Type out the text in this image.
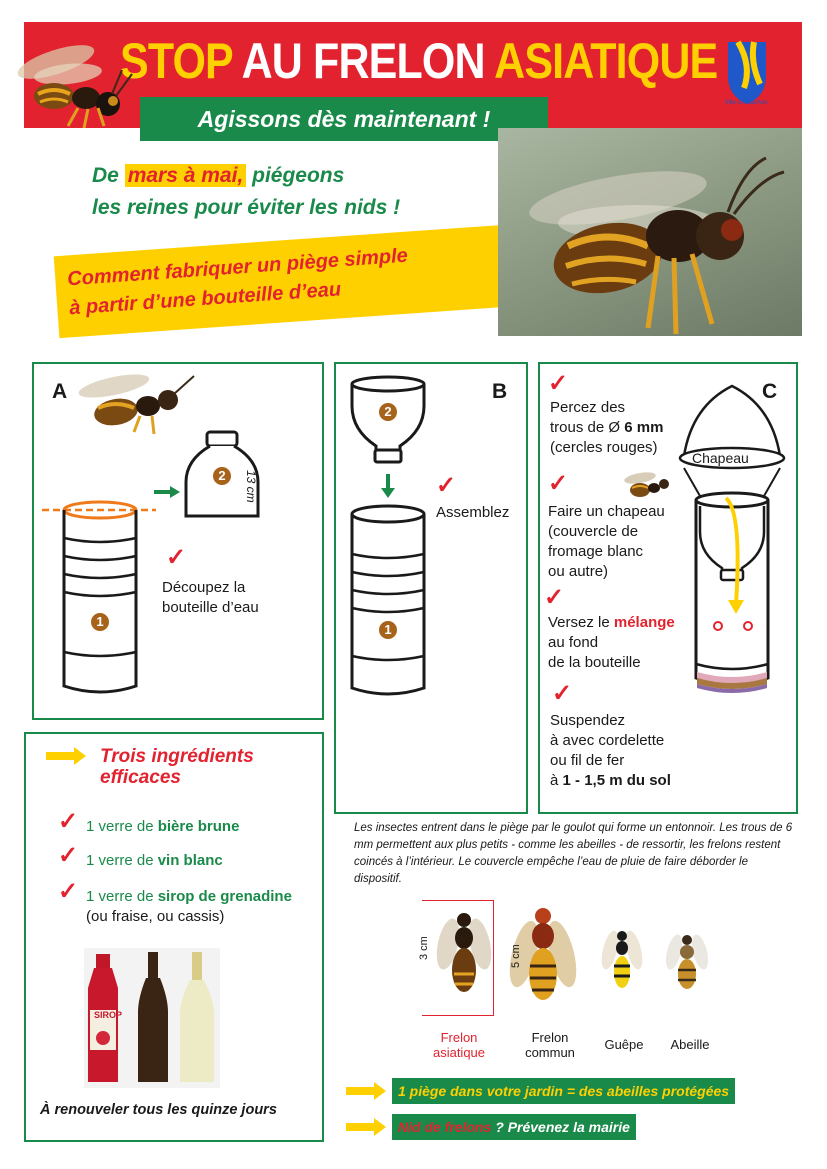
STOP AU FRELON ASIATIQUE
Agissons dès maintenant !
Ville d'Arcachon
De mars à mai, piégeons
les reines pour éviter les nids !
Comment fabriquer un piège simple
à partir d’une bouteille d’eau
A
2	13 cm
1
✓
Découpez la
bouteille d’eau
B
2
1
✓
Assemblez
C
Chapeau
✓
Percez des
trous de Ø 6 mm
(cercles rouges)
✓
Faire un chapeau
(couvercle de
fromage blanc
ou autre)
✓
Versez le mélange
au fond
de la bouteille
✓
Suspendez
à avec cordelette
ou fil de fer
à 1 - 1,5 m du sol
Trois ingrédients
efficaces
✓ 1 verre de bière brune
✓ 1 verre de vin blanc
✓ 1 verre de sirop de grenadine
(ou fraise, ou cassis)
SIROP
À renouveler tous les quinze jours
Les insectes entrent dans le piège par le goulot qui forme un entonnoir. Les trous de 6 mm permettent aux plus petits - comme les abeilles - de ressortir, les frelons restent coincés à l’intérieur. Le couvercle empêche l’eau de pluie de faire déborder le dispositif.
3 cm	5 cm
Frelon
asiatique
Frelon
commun
Guêpe	Abeille
1 piège dans votre jardin = des abeilles protégées
Nid de frelons ? Prévenez la mairie
